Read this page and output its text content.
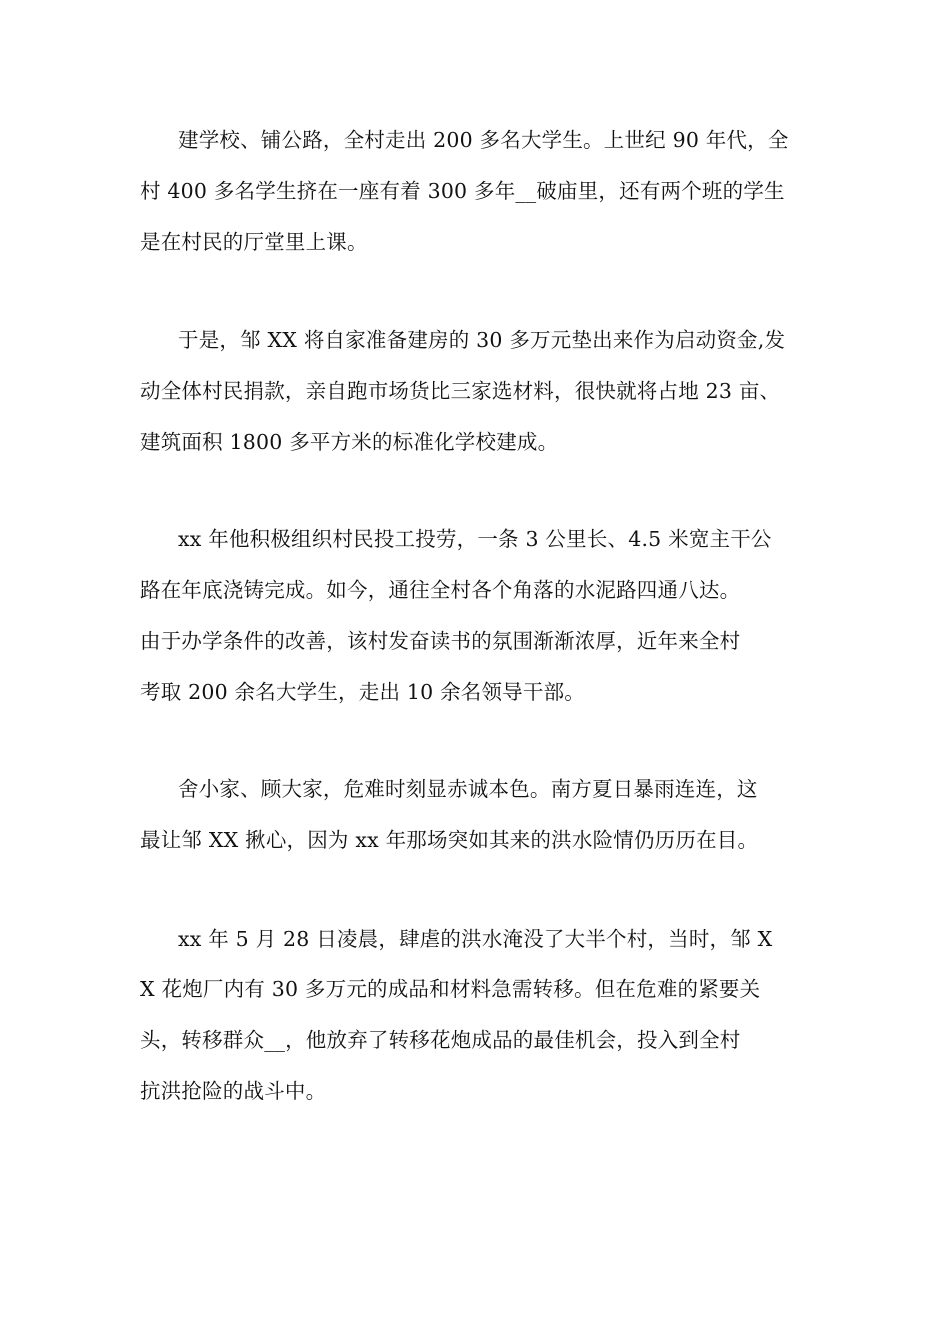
建学校、铺公路，全村走出 200 多名大学生。上世纪 90 年代，全
村 400 多名学生挤在一座有着 300 多年__破庙里，还有两个班的学生
是在村民的厅堂里上课。
于是，邹 XX 将自家准备建房的 30 多万元垫出来作为启动资金,发
动全体村民捐款，亲自跑市场货比三家选材料，很快就将占地 23 亩、
建筑面积 1800 多平方米的标准化学校建成。
xx 年他积极组织村民投工投劳，一条 3 公里长、4.5 米宽主干公
路在年底浇铸完成。如今，通往全村各个角落的水泥路四通八达。
由于办学条件的改善，该村发奋读书的氛围渐渐浓厚，近年来全村
考取 200 余名大学生，走出 10 余名领导干部。
舍小家、顾大家，危难时刻显赤诚本色。南方夏日暴雨连连，这
最让邹 XX 揪心，因为 xx 年那场突如其来的洪水险情仍历历在目。
xx 年 5 月 28 日凌晨，肆虐的洪水淹没了大半个村，当时，邹 X
X 花炮厂内有 30 多万元的成品和材料急需转移。但在危难的紧要关
头，转移群众__，他放弃了转移花炮成品的最佳机会，投入到全村
抗洪抢险的战斗中。
